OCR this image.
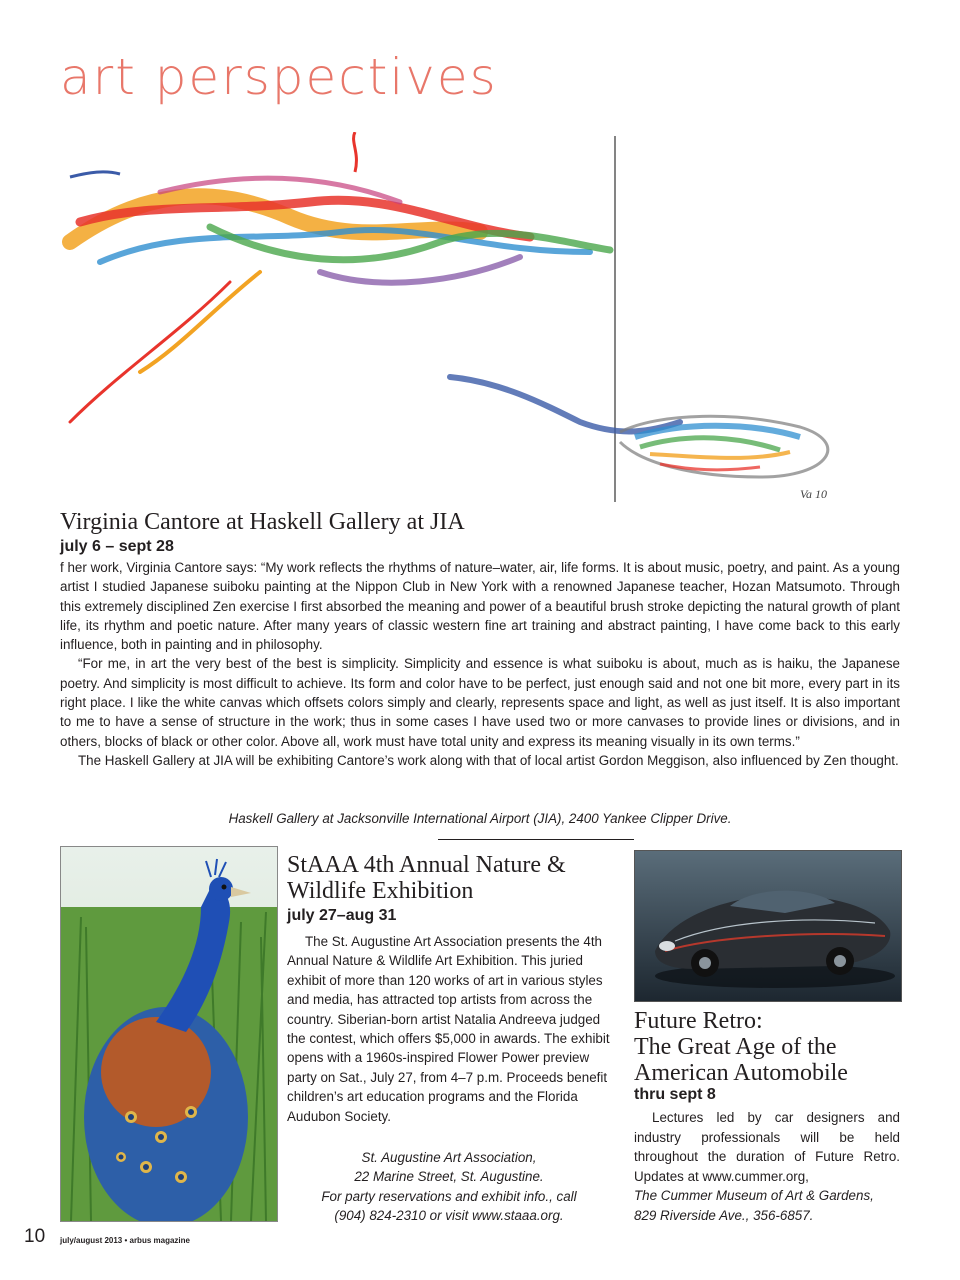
art perspectives
Va 10
Virginia Cantore at Haskell Gallery at JIA
july 6 – sept 28

f her work, Virginia Cantore says: “My work reflects the rhythms of nature–water, air, life forms. It is about music, poetry, and paint. As a young artist I studied Japanese suiboku painting at the Nippon Club in New York with a renowned Japanese teacher, Hozan Matsumoto. Through this extremely disciplined Zen exercise I first absorbed the meaning and power of a beautiful brush stroke depicting the natural growth of plant life, its rhythm and poetic nature. After many years of classic western fine art training and abstract painting, I have come back to this early influence, both in painting and in philosophy.

“For me, in art the very best of the best is simplicity. Simplicity and essence is what suiboku is about, much as is haiku, the Japanese poetry. And simplicity is most difficult to achieve. Its form and color have to be perfect, just enough said and not one bit more, every part in its right place. I like the white canvas which offsets colors simply and clearly, represents space and light, as well as just itself. It is also important to me to have a sense of structure in the work; thus in some cases I have used two or more canvases to provide lines or divisions, and in others, blocks of black or other color. Above all, work must have total unity and express its meaning visually in its own terms.”

The Haskell Gallery at JIA will be exhibiting Cantore’s work along with that of local artist Gordon Meggison, also influenced by Zen thought.

Haskell Gallery at Jacksonville International Airport (JIA), 2400 Yankee Clipper Drive.
StAAA 4th Annual Nature & Wildlife Exhibition
july 27–aug 31

The St. Augustine Art Association presents the 4th Annual Nature & Wildlife Art Exhibition. This juried exhibit of more than 120 works of art in various styles and media, has attracted top artists from across the country. Siberian-born artist Natalia Andreeva judged the contest, which offers $5,000 in awards. The exhibit opens with a 1960s-inspired Flower Power preview party on Sat., July 27, from 4–7 p.m. Proceeds benefit children’s art education programs and the Florida Audubon Society.

St. Augustine Art Association,
22 Marine Street, St. Augustine.
For party reservations and exhibit info., call
(904) 824-2310 or visit www.staaa.org.
Future Retro:
The Great Age of the
American Automobile
thru sept 8

Lectures led by car designers and industry professionals will be held throughout the duration of Future Retro. Updates at www.cummer.org,

The Cummer Museum of Art & Gardens,
829 Riverside Ave., 356-6857.
10 july/august 2013 • arbus magazine
